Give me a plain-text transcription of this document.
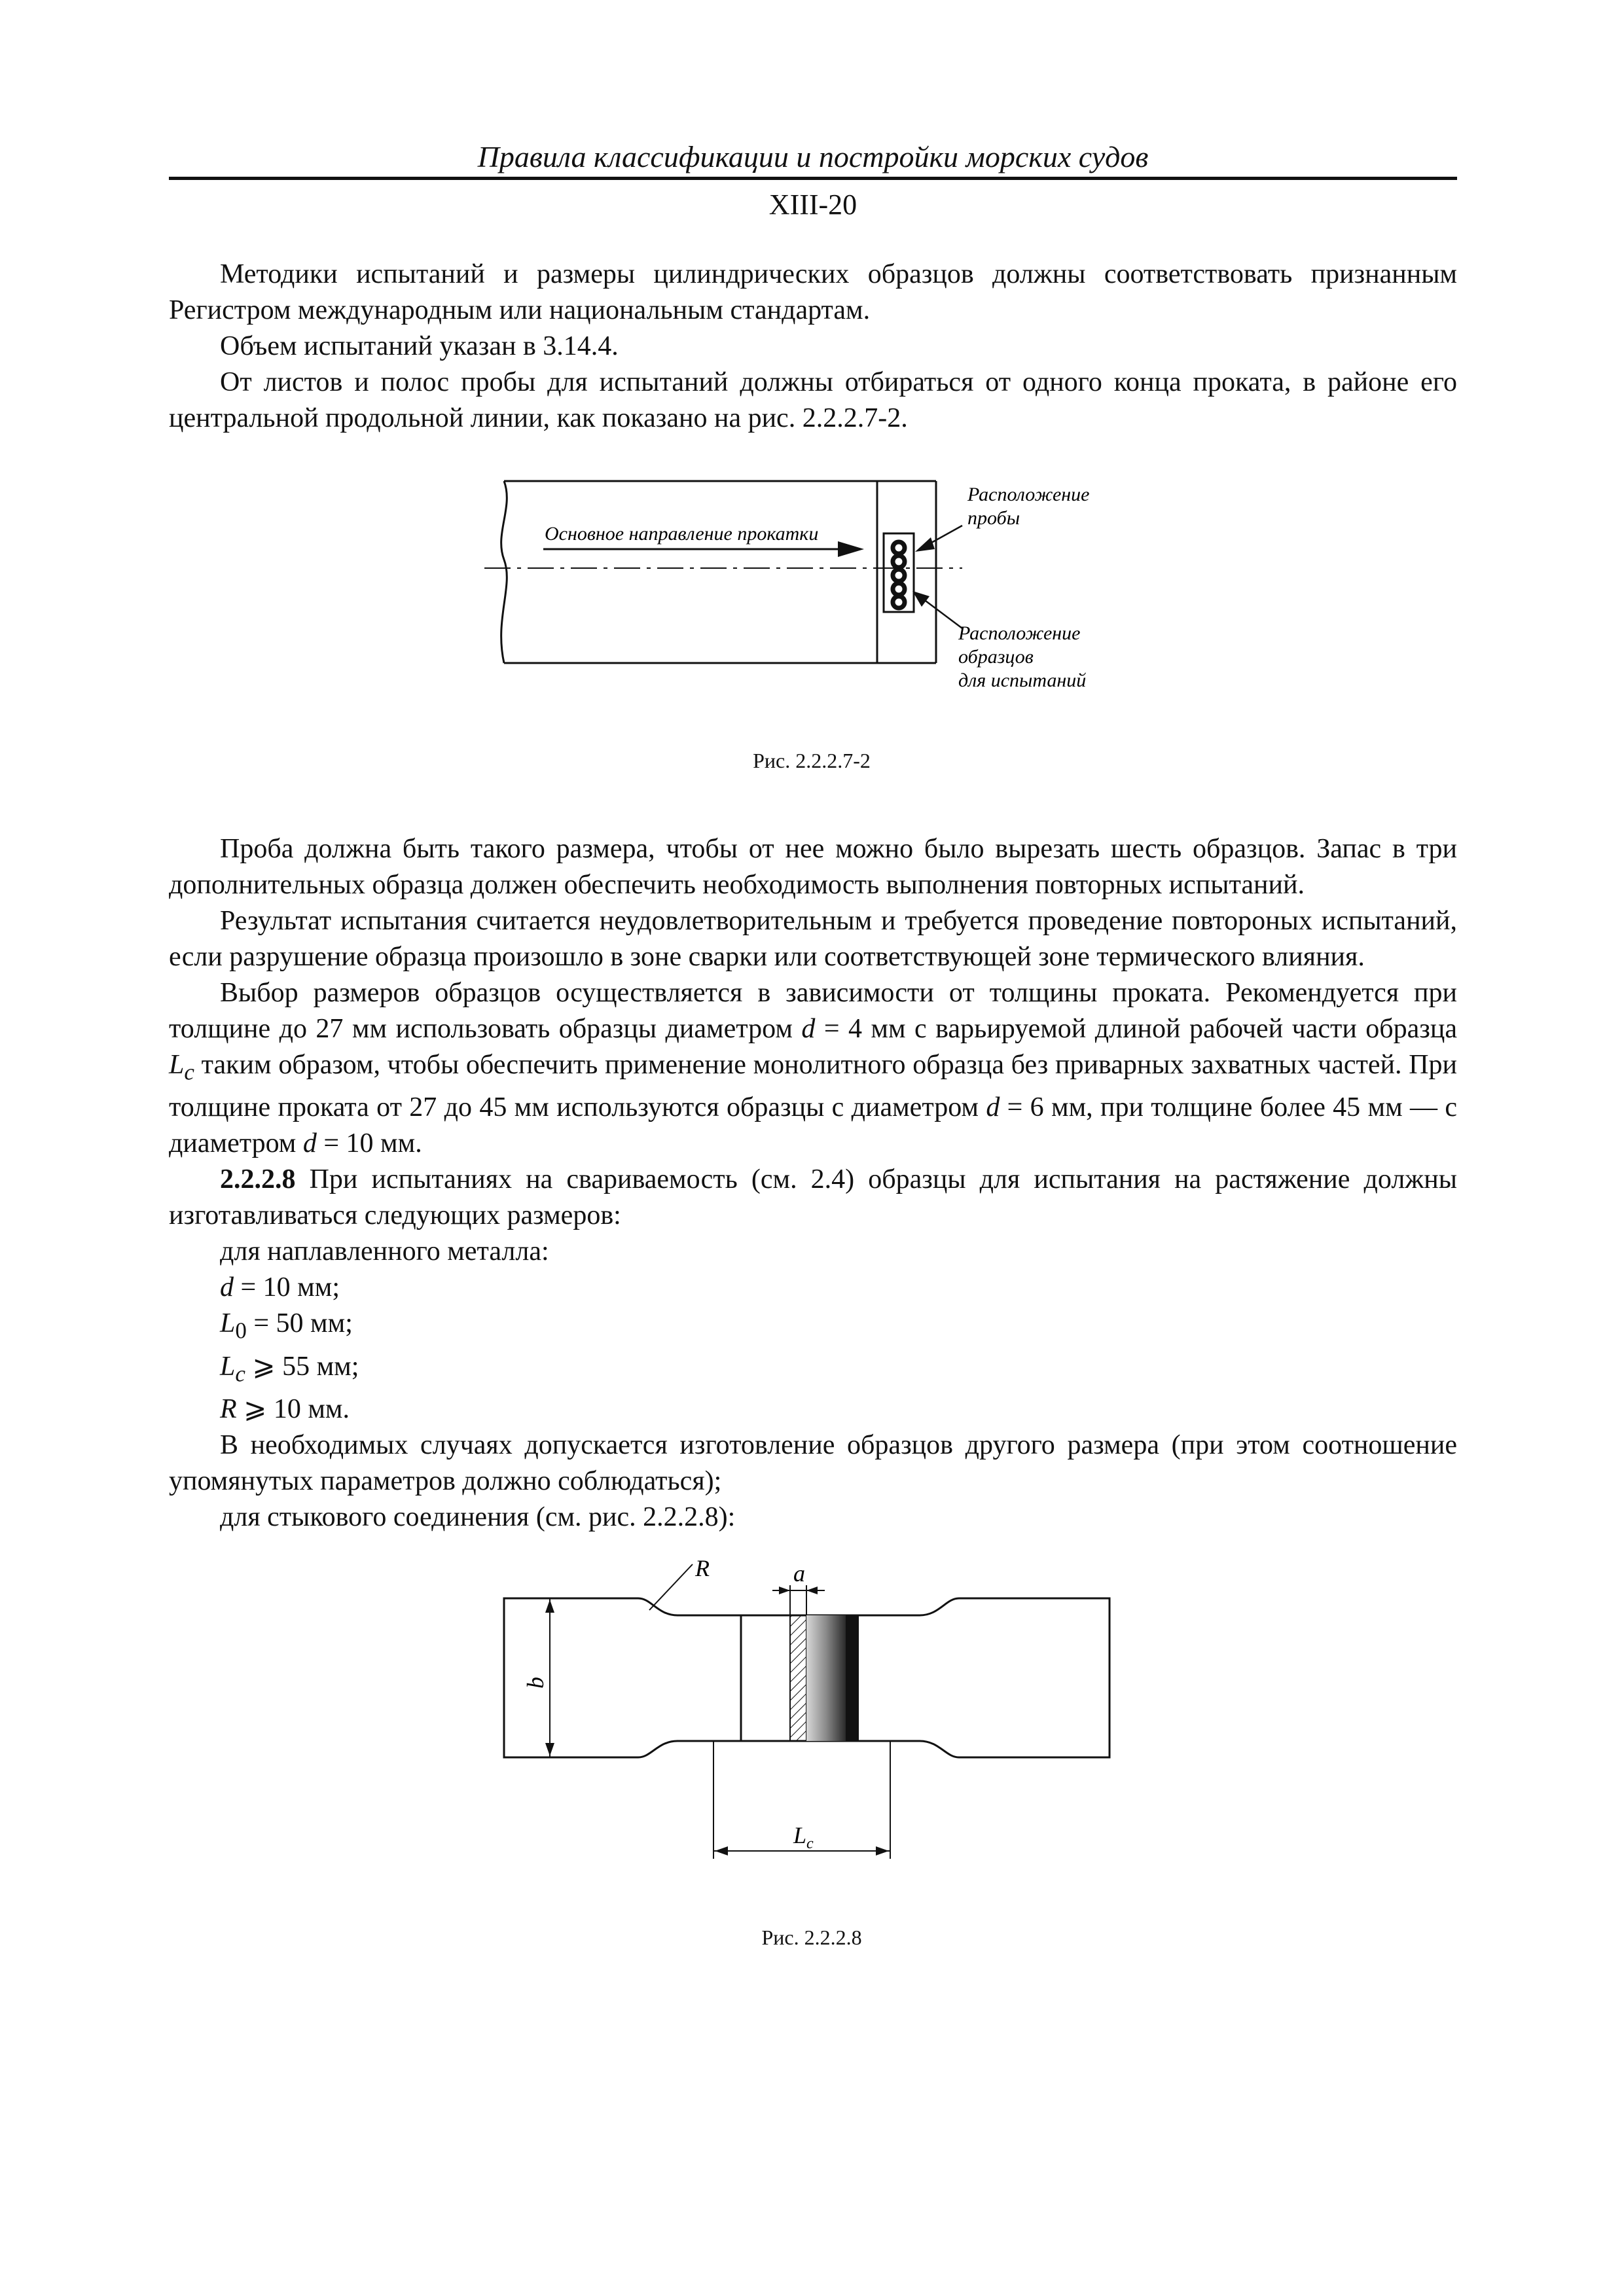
Правила классификации и постройки морских судов
XIII-20

Методики испытаний и размеры цилиндрических образцов должны соответствовать признанным Регистром международным или национальным стандартам.

Объем испытаний указан в 3.14.4.

От листов и полос пробы для испытаний должны отбираться от одного конца проката, в районе его центральной продольной линии, как показано на рис. 2.2.2.7-2.

Основное направление прокатки
Расположение
пробы
Расположение
образцов
для испытаний
Рис. 2.2.2.7-2

Проба должна быть такого размера, чтобы от нее можно было вырезать шесть образцов. Запас в три дополнительных образца должен обеспечить необходимость выполнения повторных испытаний.

Результат испытания считается неудовлетворительным и требуется проведение повтороных испытаний, если разрушение образца произошло в зоне сварки или соответствующей зоне термического влияния.

Выбор размеров образцов осуществляется в зависимости от толщины проката. Рекомендуется при толщине до 27 мм использовать образцы диаметром d = 4 мм с варьируемой длиной рабочей части образца $L_c$ таким образом, чтобы обеспечить применение монолитного образца без приварных захватных частей. При толщине проката от 27 до 45 мм используются образцы с диаметром d = 6 мм, при толщине более 45 мм — с диаметром d = 10 мм.

2.2.2.8 При испытаниях на свариваемость (см. 2.4) образцы для испытания на растяжение должны изготавливаться следующих размеров:

для наплавленного металла:

d = 10 мм;

$L_0 = 50$ мм;

$L_c$ ⩾ 55 мм;

R ⩾ 10 мм.

В необходимых случаях допускается изготовление образцов другого размера (при этом соотношение упомянутых параметров должно соблюдаться);

для стыкового соединения (см. рис. 2.2.2.8):

b
R	a
$L_c$
Рис. 2.2.2.8
